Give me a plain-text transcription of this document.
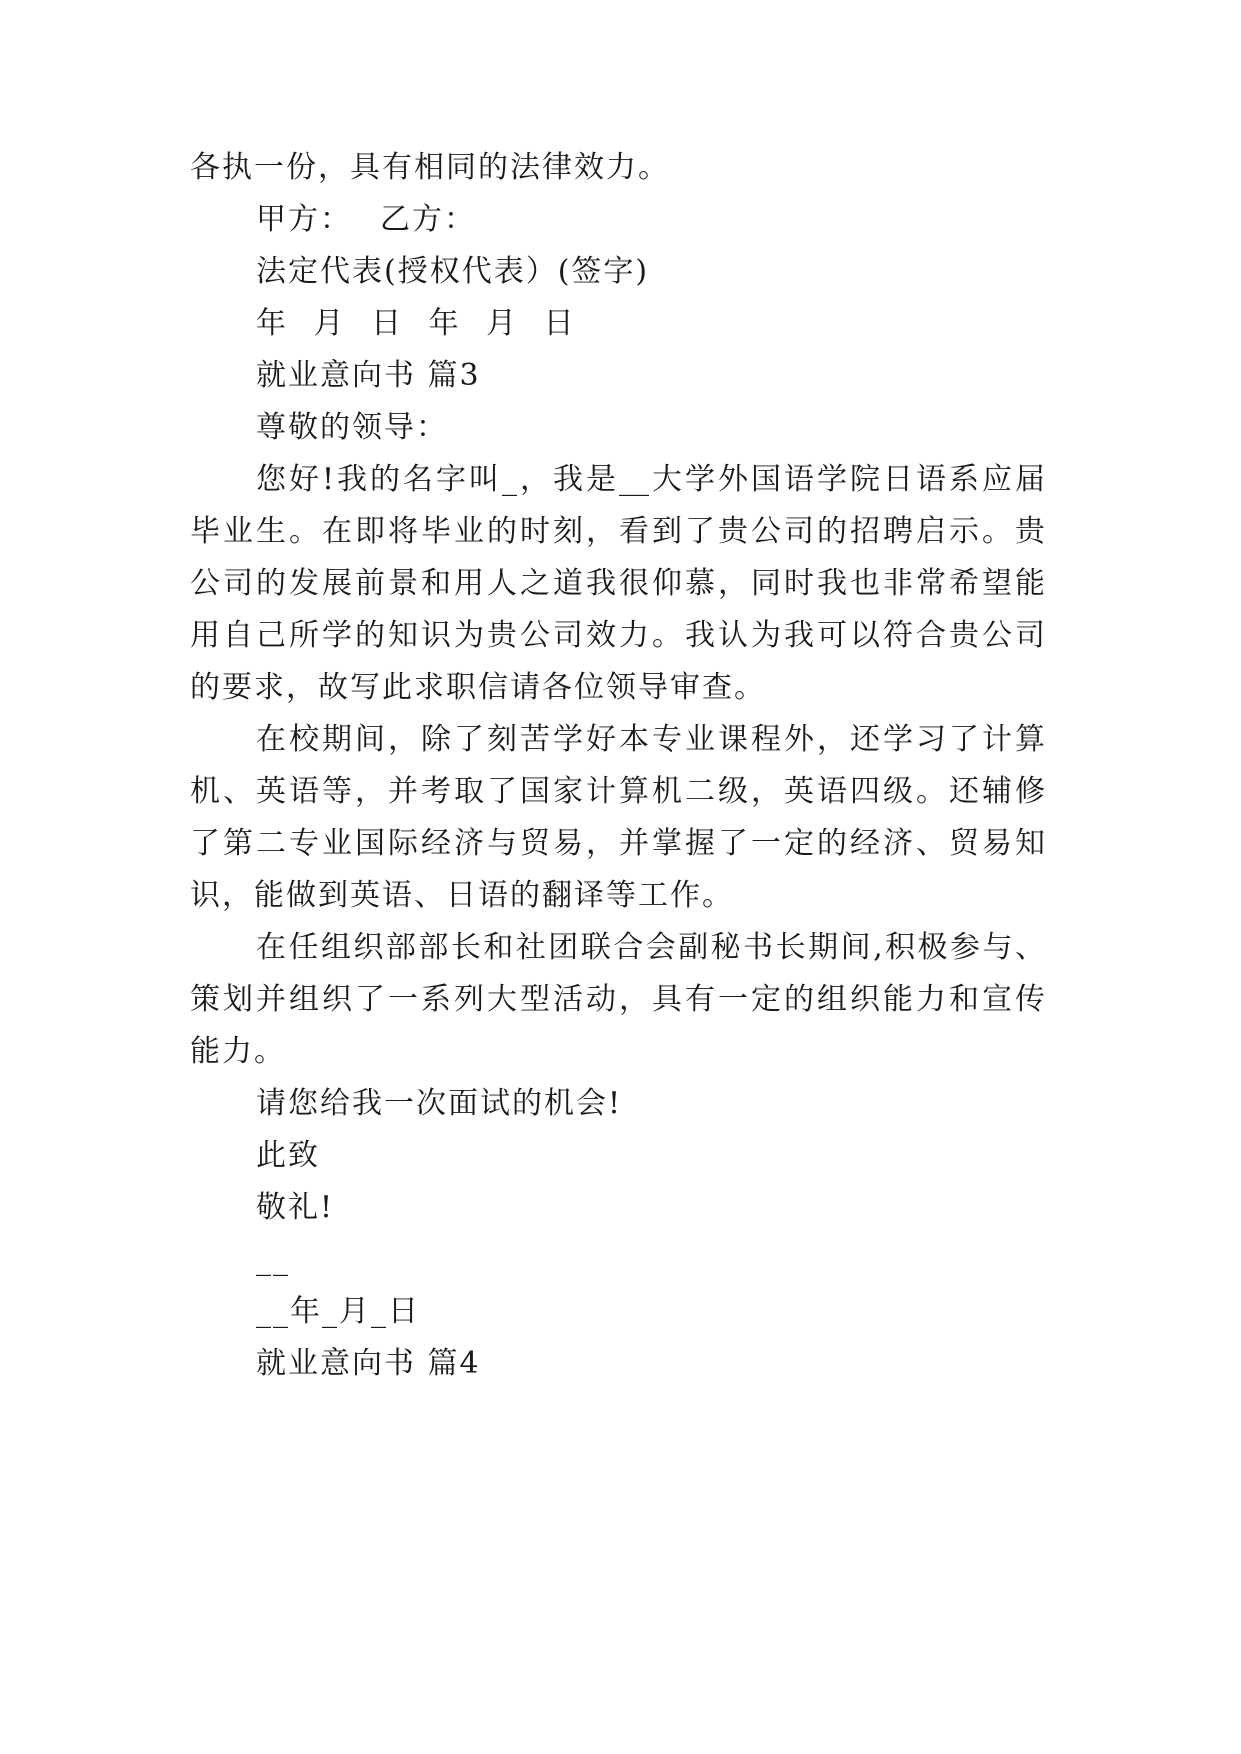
各执一份，具有相同的法律效力。
甲方： 乙方：
法定代表(授权代表）(签字)
年 月 日 年 月 日
就业意向书 篇3
尊敬的领导：
您好!我的名字叫_，我是__大学外国语学院日语系应届
毕业生。在即将毕业的时刻，看到了贵公司的招聘启示。贵
公司的发展前景和用人之道我很仰慕，同时我也非常希望能
用自己所学的知识为贵公司效力。我认为我可以符合贵公司
的要求，故写此求职信请各位领导审查。
在校期间，除了刻苦学好本专业课程外，还学习了计算
机、英语等，并考取了国家计算机二级，英语四级。还辅修
了第二专业国际经济与贸易，并掌握了一定的经济、贸易知
识，能做到英语、日语的翻译等工作。
在任组织部部长和社团联合会副秘书长期间,积极参与、
策划并组织了一系列大型活动，具有一定的组织能力和宣传
能力。
请您给我一次面试的机会!
此致
敬礼!
__
__年_月_日
就业意向书 篇4
